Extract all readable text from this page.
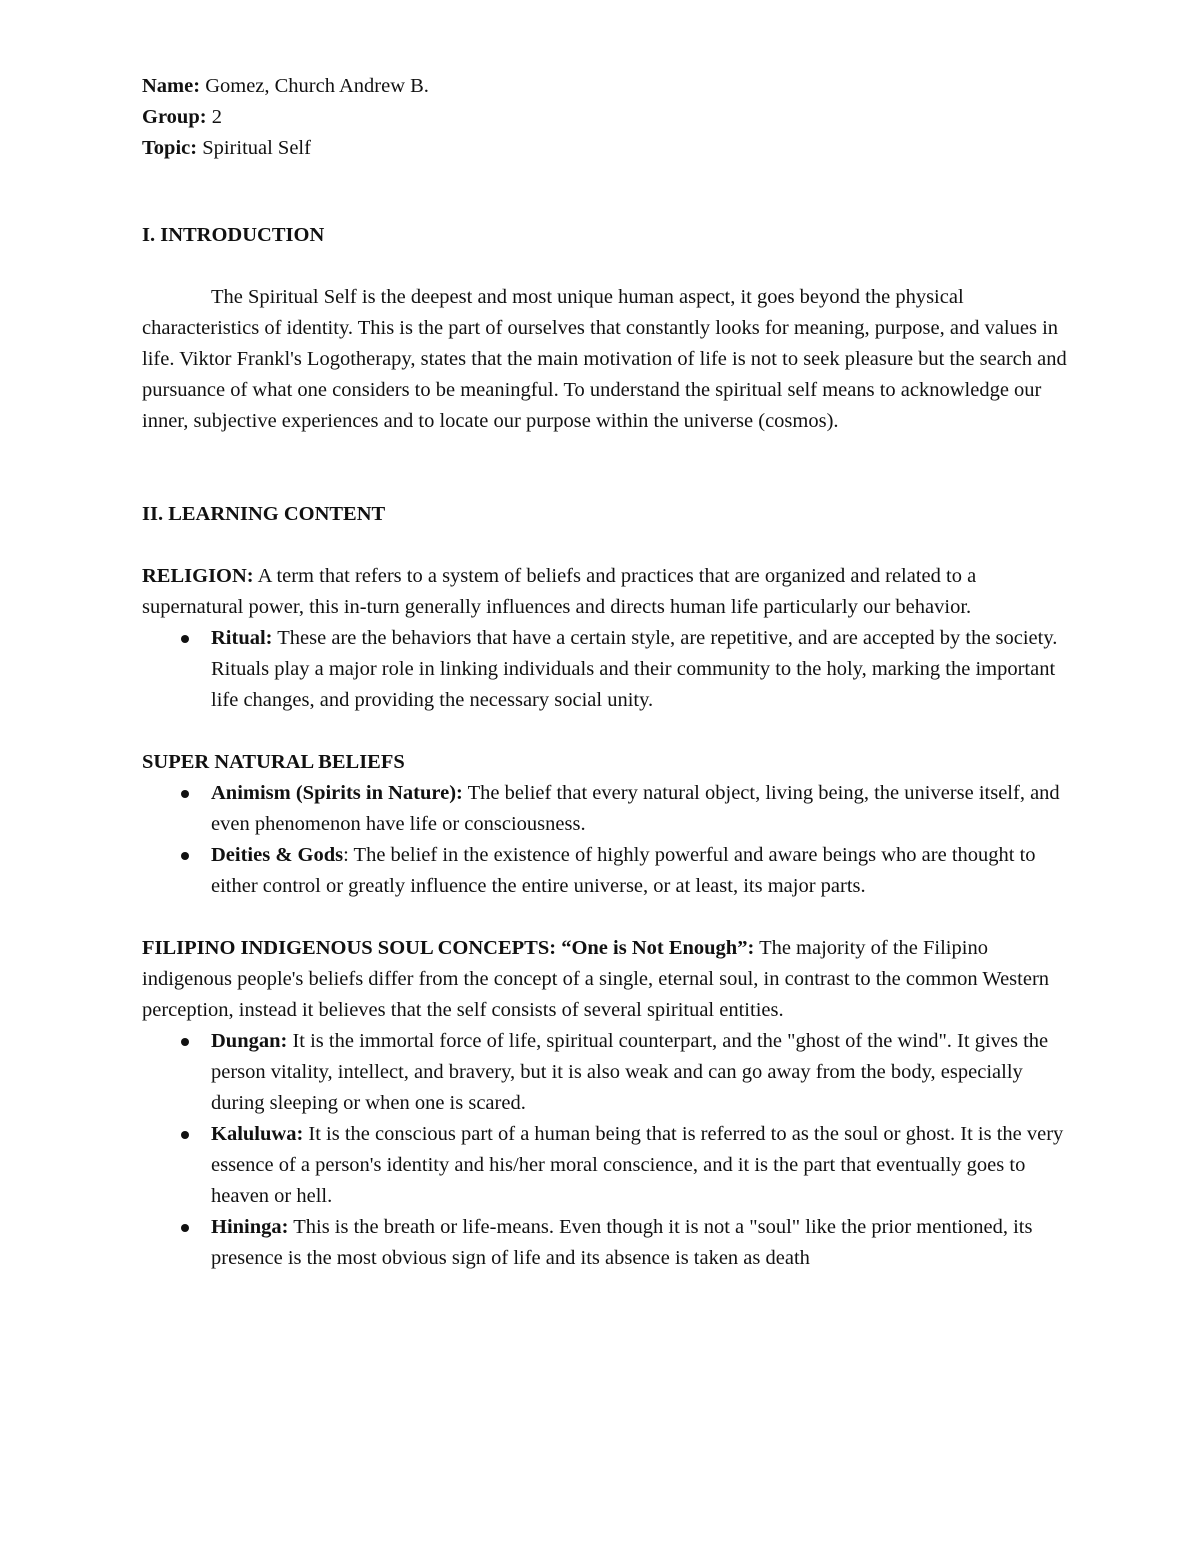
Name: Gomez, Church Andrew B.

Group: 2

Topic: Spiritual Self

I. INTRODUCTION

The Spiritual Self is the deepest and most unique human aspect, it goes beyond the physical characteristics of identity. This is the part of ourselves that constantly looks for meaning, purpose, and values in life. Viktor Frankl's Logotherapy, states that the main motivation of life is not to seek pleasure but the search and pursuance of what one considers to be meaningful. To understand the spiritual self means to acknowledge our inner, subjective experiences and to locate our purpose within the universe (cosmos).

II. LEARNING CONTENT

RELIGION: A term that refers to a system of beliefs and practices that are organized and related to a supernatural power, this in-turn generally influences and directs human life particularly our behavior.

Ritual: These are the behaviors that have a certain style, are repetitive, and are accepted by the society. Rituals play a major role in linking individuals and their community to the holy, marking the important life changes, and providing the necessary social unity.

SUPER NATURAL BELIEFS

Animism (Spirits in Nature): The belief that every natural object, living being, the universe itself, and even phenomenon have life or consciousness.
Deities & Gods: The belief in the existence of highly powerful and aware beings who are thought to either control or greatly influence the entire universe, or at least, its major parts.

FILIPINO INDIGENOUS SOUL CONCEPTS: “One is Not Enough”: The majority of the Filipino indigenous people's beliefs differ from the concept of a single, eternal soul, in contrast to the common Western perception, instead it believes that the self consists of several spiritual entities.

Dungan: It is the immortal force of life, spiritual counterpart, and the "ghost of the wind". It gives the person vitality, intellect, and bravery, but it is also weak and can go away from the body, especially during sleeping or when one is scared.
Kaluluwa: It is the conscious part of a human being that is referred to as the soul or ghost. It is the very essence of a person's identity and his/her moral conscience, and it is the part that eventually goes to heaven or hell.
Hininga: This is the breath or life-means. Even though it is not a "soul" like the prior mentioned, its presence is the most obvious sign of life and its absence is taken as death
